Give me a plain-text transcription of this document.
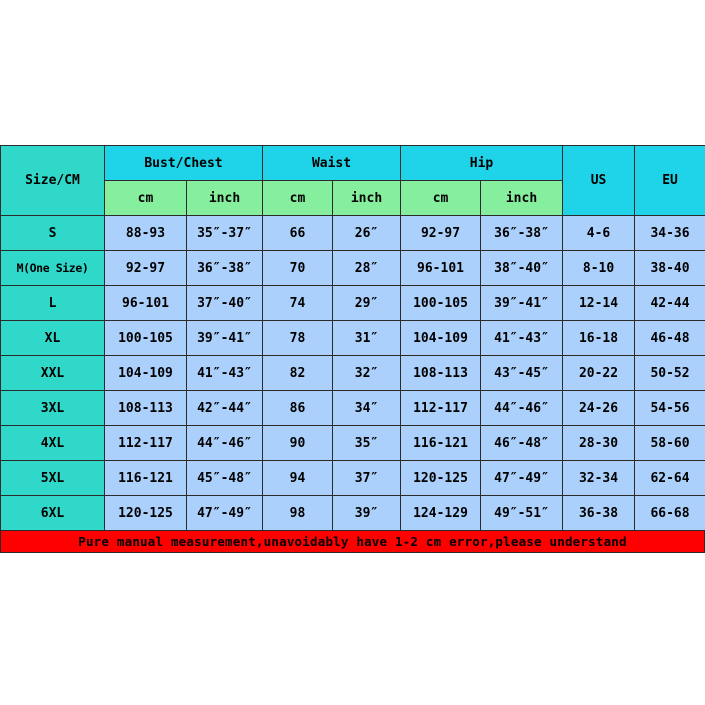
Size/CM	Bust/Chest		Waist		Hip		US	EU
	cm	inch	cm	inch	cm	inch		
S	88-93	35″-37″	66	26″	92-97	36″-38″	4-6	34-36
M(One Size)	92-97	36″-38″	70	28″	96-101	38″-40″	8-10	38-40
L	96-101	37″-40″	74	29″	100-105	39″-41″	12-14	42-44
XL	100-105	39″-41″	78	31″	104-109	41″-43″	16-18	46-48
XXL	104-109	41″-43″	82	32″	108-113	43″-45″	20-22	50-52
3XL	108-113	42″-44″	86	34″	112-117	44″-46″	24-26	54-56
4XL	112-117	44″-46″	90	35″	116-121	46″-48″	28-30	58-60
5XL	116-121	45″-48″	94	37″	120-125	47″-49″	32-34	62-64
6XL	120-125	47″-49″	98	39″	124-129	49″-51″	36-38	66-68
Pure manual measurement,unavoidably have 1-2 cm error,please understand
